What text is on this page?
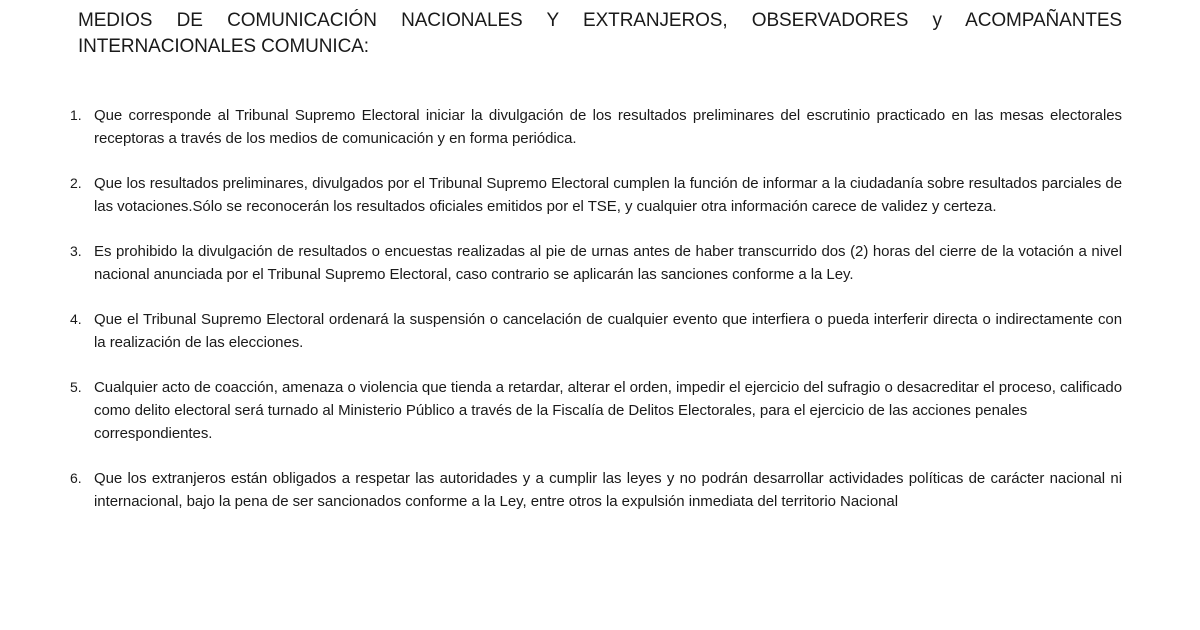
MEDIOS DE COMUNICACIÓN NACIONALES Y EXTRANJEROS, OBSERVADORES y ACOMPAÑANTES INTERNACIONALES COMUNICA:
1. Que corresponde al Tribunal Supremo Electoral iniciar la divulgación de los resultados preliminares del escrutinio practicado en las mesas electorales receptoras a través de los medios de comunicación y en forma periódica.
2. Que los resultados preliminares, divulgados por el Tribunal Supremo Electoral cumplen la función de informar a la ciudadanía sobre resultados parciales de las votaciones.Sólo se reconocerán los resultados oficiales emitidos por el TSE, y cualquier otra información carece de validez y certeza.
3. Es prohibido la divulgación de resultados o encuestas realizadas al pie de urnas antes de haber transcurrido dos (2) horas del cierre de la votación a nivel nacional anunciada por el Tribunal Supremo Electoral, caso contrario se aplicarán las sanciones conforme a la Ley.
4. Que el Tribunal Supremo Electoral ordenará la suspensión o cancelación de cualquier evento que interfiera o pueda interferir directa o indirectamente con la realización de las elecciones.
5. Cualquier acto de coacción, amenaza o violencia que tienda a retardar, alterar el orden, impedir el ejercicio del sufragio o desacreditar el proceso, calificado como delito electoral será turnado al Ministerio Público a través de la Fiscalía de Delitos Electorales, para el ejercicio de las acciones penales
correspondientes.
6. Que los extranjeros están obligados a respetar las autoridades y a cumplir las leyes y no podrán desarrollar actividades políticas de carácter nacional ni internacional, bajo la pena de ser sancionados conforme a la Ley, entre otros la expulsión inmediata del territorio Nacional
